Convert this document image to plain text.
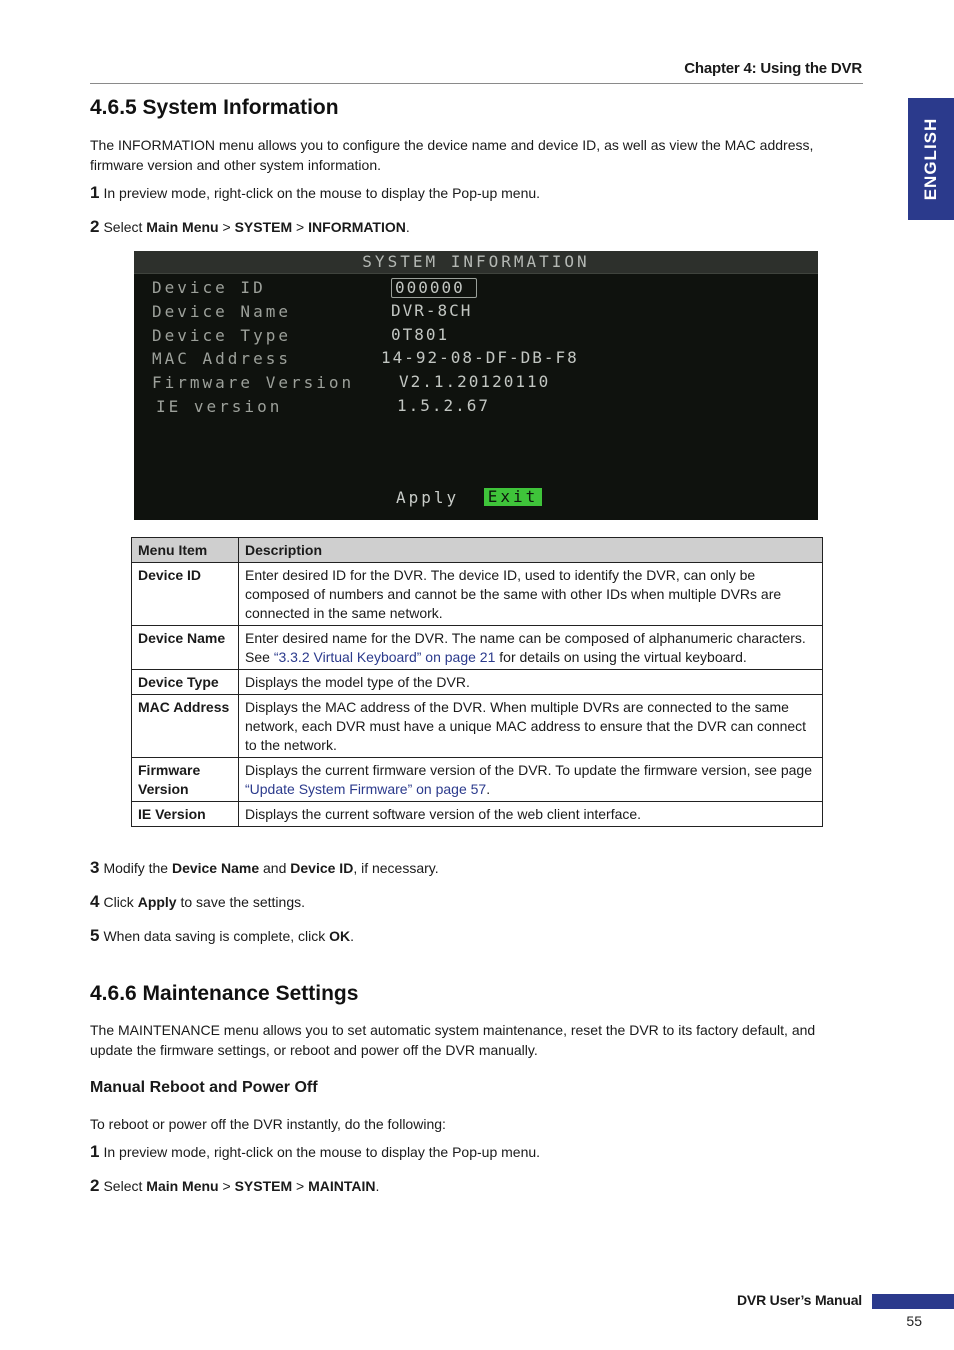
Chapter 4: Using the DVR
ENGLISH
4.6.5 System Information
The INFORMATION menu allows you to configure the device name and device ID, as well as view the MAC address,
firmware version and other system information.
1 In preview mode, right-click on the mouse to display the Pop-up menu.
2 Select Main Menu > SYSTEM > INFORMATION.
SYSTEM INFORMATION
Device ID	000000
Device Name	DVR-8CH
Device Type	0T801
MAC Address	14-92-08-DF-DB-F8
Firmware Version	V2.1.20120110
IE version	1.5.2.67
Apply Exit
Menu Item	Description
Device ID	Enter desired ID for the DVR. The device ID, used to identify the DVR, can only be composed of numbers and cannot be the same with other IDs when multiple DVRs are connected in the same network.
Device Name	Enter desired name for the DVR. The name can be composed of alphanumeric characters. See “3.3.2 Virtual Keyboard” on page 21 for details on using the virtual keyboard.
Device Type	Displays the model type of the DVR.
MAC Address	Displays the MAC address of the DVR. When multiple DVRs are connected to the same network, each DVR must have a unique MAC address to ensure that the DVR can connect to the network.
Firmware Version	Displays the current firmware version of the DVR. To update the firmware version, see page “Update System Firmware” on page 57.
IE Version	Displays the current software version of the web client interface.
3 Modify the Device Name and Device ID, if necessary.
4 Click Apply to save the settings.
5 When data saving is complete, click OK.
4.6.6 Maintenance Settings
The MAINTENANCE menu allows you to set automatic system maintenance, reset the DVR to its factory default, and
update the firmware settings, or reboot and power off the DVR manually.
Manual Reboot and Power Off
To reboot or power off the DVR instantly, do the following:
1 In preview mode, right-click on the mouse to display the Pop-up menu.
2 Select Main Menu > SYSTEM > MAINTAIN.
DVR User’s Manual
55
